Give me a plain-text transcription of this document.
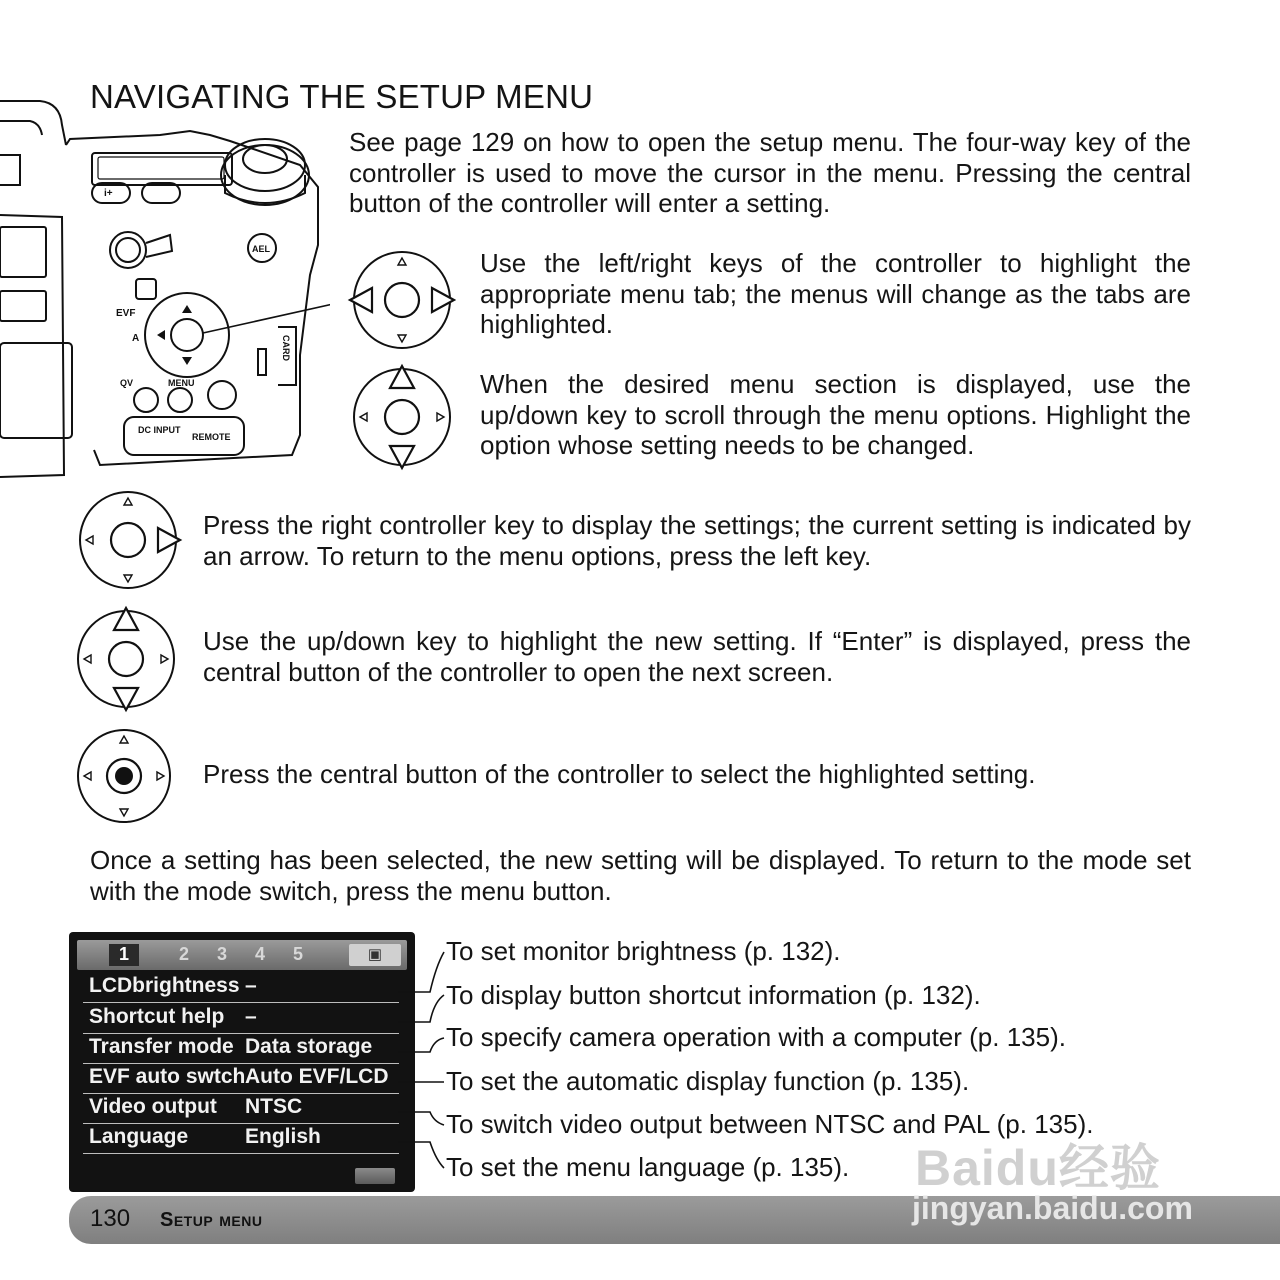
NAVIGATING THE SETUP MENU
i+
AEL
EVF
A
QV	MENU
DC INPUT
REMOTE
CARD
See page 129 on how to open the setup menu. The four-way key of the controller is used to move the cursor in the menu. Pressing the central button of the controller will enter a setting.
Use the left/right keys of the controller to highlight the appropriate menu tab; the menus will change as the tabs are highlighted.
When the desired menu section is displayed, use the up/down key to scroll through the menu options. Highlight the option whose setting needs to be changed.
Press the right controller key to display the settings; the current setting is indicated by an arrow. To return to the menu options, press the left key.
Use the up/down key to highlight the new setting. If “Enter” is displayed, press the central button of the controller to open the next screen.
Press the central button of the controller to select the highlighted setting.
Once a setting has been selected, the new setting will be displayed. To return to the mode set with the mode switch, press the menu button.
1	2	3	4	5	▣
LCDbrightness –
Shortcut help –
Transfer mode Data storage
EVF auto swtch Auto EVF/LCD
Video output NTSC
Language	English
To set monitor brightness (p. 132).
To display button shortcut information (p. 132).
To specify camera operation with a computer (p. 135).
To set the automatic display function (p. 135).
To switch video output between NTSC and PAL (p. 135).
To set the menu language (p. 135). Baidu经验
130 Setup menu	jingyan.baidu.com
